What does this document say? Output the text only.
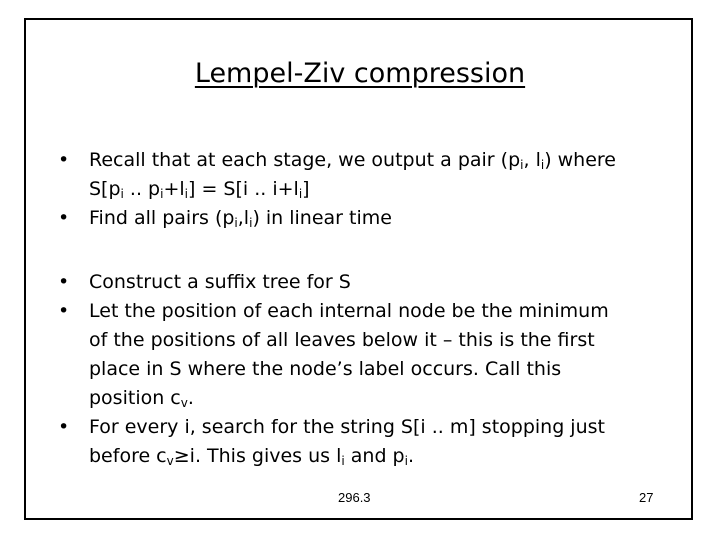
Lempel-Ziv compression
•	Recall that at each stage, we output a pair ($p_i$, $l_i$) where
$S[p_i$ .. $p_i+l_i] = S[i$ .. $i+l_i$]
•	Find all pairs $(p_i,l_i)$ in linear time
•	Construct a suffix tree for S
•	Let the position of each internal node be the minimum
of the positions of all leaves below it – this is the first
place in S where the node’s label occurs. Call this
position $c_v$.
•	For every i, search for the string S[i .. m] stopping just
before $c_v\ge i$. This gives us $l_i$ and $p_i$.
296.3	27
